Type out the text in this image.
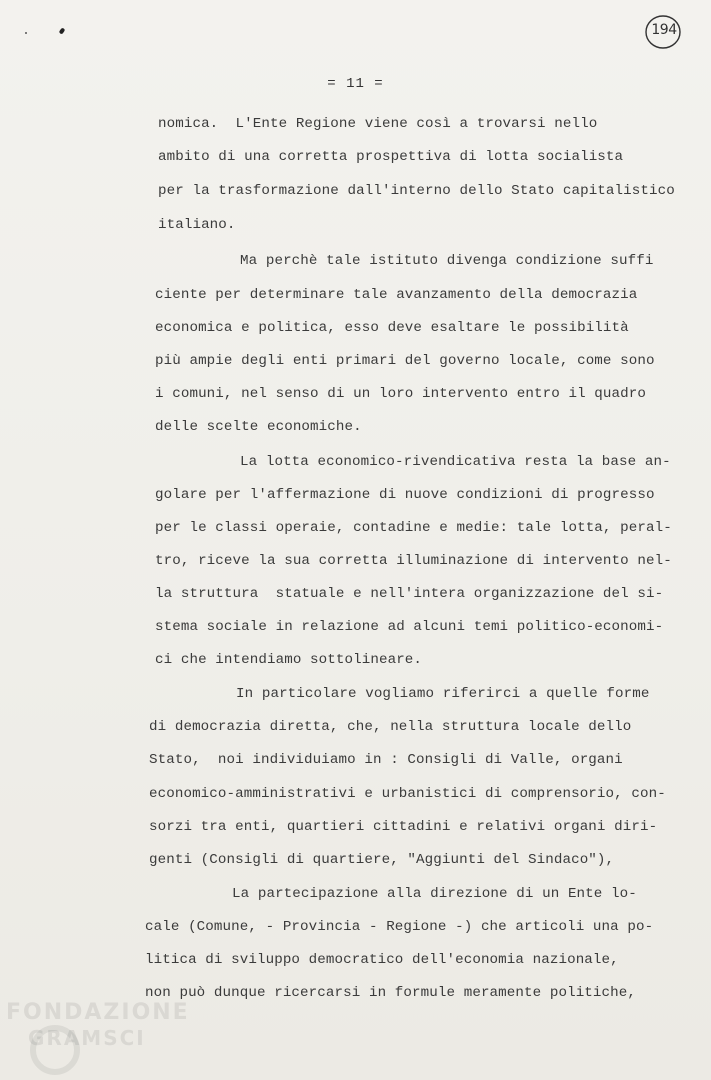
194
= 11 =
nomica.  L'Ente Regione viene così a trovarsi nello
ambito di una corretta prospettiva di lotta socialista
per la trasformazione dall'interno dello Stato capitalistico
italiano.
Ma perchè tale istituto divenga condizione suffi
ciente per determinare tale avanzamento della democrazia
economica e politica, esso deve esaltare le possibilità
più ampie degli enti primari del governo locale, come sono
i comuni, nel senso di un loro intervento entro il quadro
delle scelte economiche.
La lotta economico-rivendicativa resta la base an-
golare per l'affermazione di nuove condizioni di progresso
per le classi operaie, contadine e medie: tale lotta, peral-
tro, riceve la sua corretta illuminazione di intervento nel-
la struttura  statuale e nell'intera organizzazione del si-
stema sociale in relazione ad alcuni temi politico-economi-
ci che intendiamo sottolineare.
In particolare vogliamo riferirci a quelle forme
di democrazia diretta, che, nella struttura locale dello
Stato,  noi individuiamo in : Consigli di Valle, organi
economico-amministrativi e urbanistici di comprensorio, con-
sorzi tra enti, quartieri cittadini e relativi organi diri-
genti (Consigli di quartiere, "Aggiunti del Sindaco"),
La partecipazione alla direzione di un Ente lo-
cale (Comune, - Provincia - Regione -) che articoli una po-
litica di sviluppo democratico dell'economia nazionale,
non può dunque ricercarsi in formule meramente politiche,
FONDAZIONE
GRAMSCI
